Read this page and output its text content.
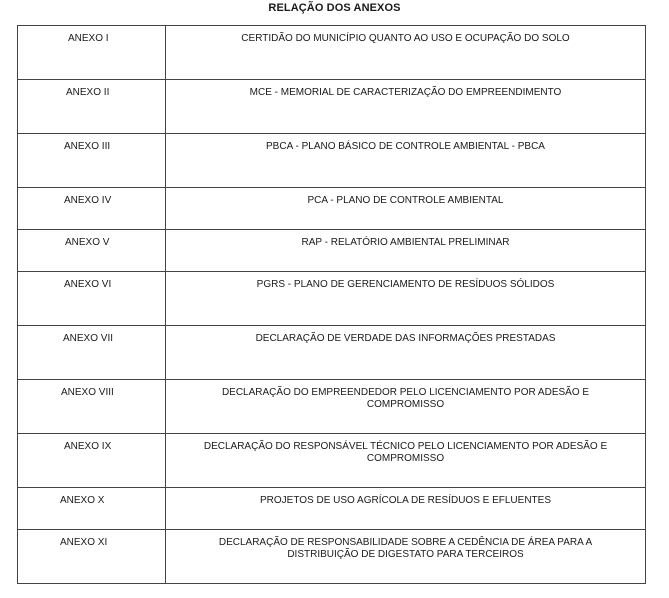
RELAÇÃO DOS ANEXOS
ANEXO I	CERTIDÃO DO MUNICÍPIO QUANTO AO USO E OCUPAÇÃO DO SOLO

ANEXO II	MCE - MEMORIAL DE CARACTERIZAÇÃO DO EMPREENDIMENTO

ANEXO III	PBCA - PLANO BÁSICO DE CONTROLE AMBIENTAL - PBCA

ANEXO IV	PCA - PLANO DE CONTROLE AMBIENTAL

ANEXO V	RAP - RELATÓRIO AMBIENTAL PRELIMINAR

ANEXO VI	PGRS - PLANO DE GERENCIAMENTO DE RESÍDUOS SÓLIDOS

ANEXO VII	DECLARAÇÃO DE VERDADE DAS INFORMAÇÕES PRESTADAS

ANEXO VIII	DECLARAÇÃO DO EMPREENDEDOR PELO LICENCIAMENTO POR ADESÃO E COMPROMISSO

ANEXO IX	DECLARAÇÃO DO RESPONSÁVEL TÉCNICO PELO LICENCIAMENTO POR ADESÃO E COMPROMISSO

ANEXO X	PROJETOS DE USO AGRÍCOLA DE RESÍDUOS E EFLUENTES

ANEXO XI	DECLARAÇÃO DE RESPONSABILIDADE SOBRE A CEDÊNCIA DE ÁREA PARA A DISTRIBUIÇÃO DE DIGESTATO PARA TERCEIROS
